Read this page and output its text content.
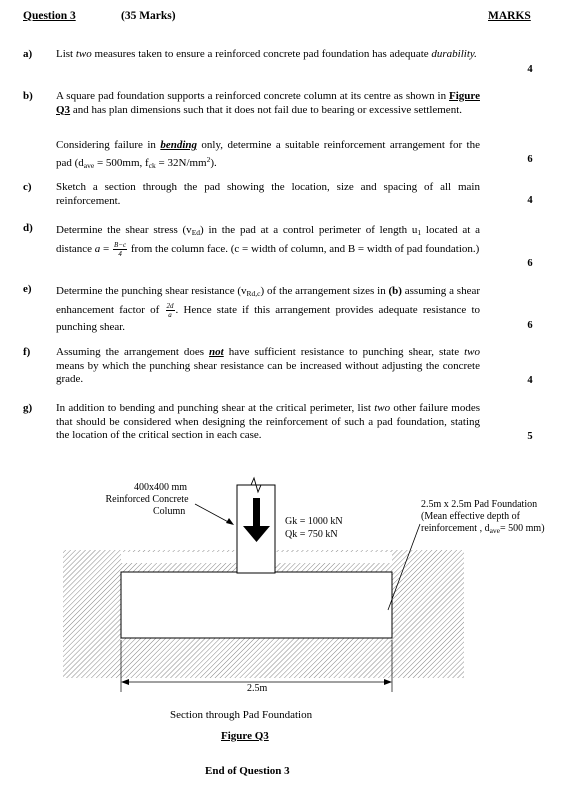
Question 3	(35 Marks)	MARKS
a) List two measures taken to ensure a reinforced concrete pad foundation has adequate durability.
4
b) A square pad foundation supports a reinforced concrete column at its centre as shown in Figure Q3 and has plan dimensions such that it does not fail due to bearing or excessive settlement.
Considering failure in bending only, determine a suitable reinforcement arrangement for the pad ($d_{ave} = 500mm$, $f_{ck} = 32N/mm^2$).	6
c) Sketch a section through the pad showing the location, size and spacing of all main reinforcement.	4
d) Determine the shear stress $(v_{Ed})$ in the pad at a control perimeter of length $u_1$ located at a distance $a = \frac{B-c}{4}$ from the column face. (c = width of column, and B = width of pad foundation.)
6
e) Determine the punching shear resistance $(v_{Rd,c})$ of the arrangement sizes in (b) assuming a shear enhancement factor of $\frac{2d}{a}$ . Hence state if this arrangement provides adequate resistance to punching shear.	6
f) Assuming the arrangement does not have sufficient resistance to punching shear, state two means by which the punching shear resistance can be increased without adjusting the concrete grade.	4
g) In addition to bending and punching shear at the critical perimeter, list two other failure modes that should be considered when designing the reinforcement of such a pad foundation, stating the location of the critical section in each case.	5
400x400 mm
Reinforced Concrete
Column
Gk = 1000 kN
Qk = 750 kN
2.5m x 2.5m Pad Foundation
(Mean effective depth of
reinforcement , $d_{ave}= 500$ mm)
2.5m
Section through Pad Foundation
Figure Q3
End of Question 3
